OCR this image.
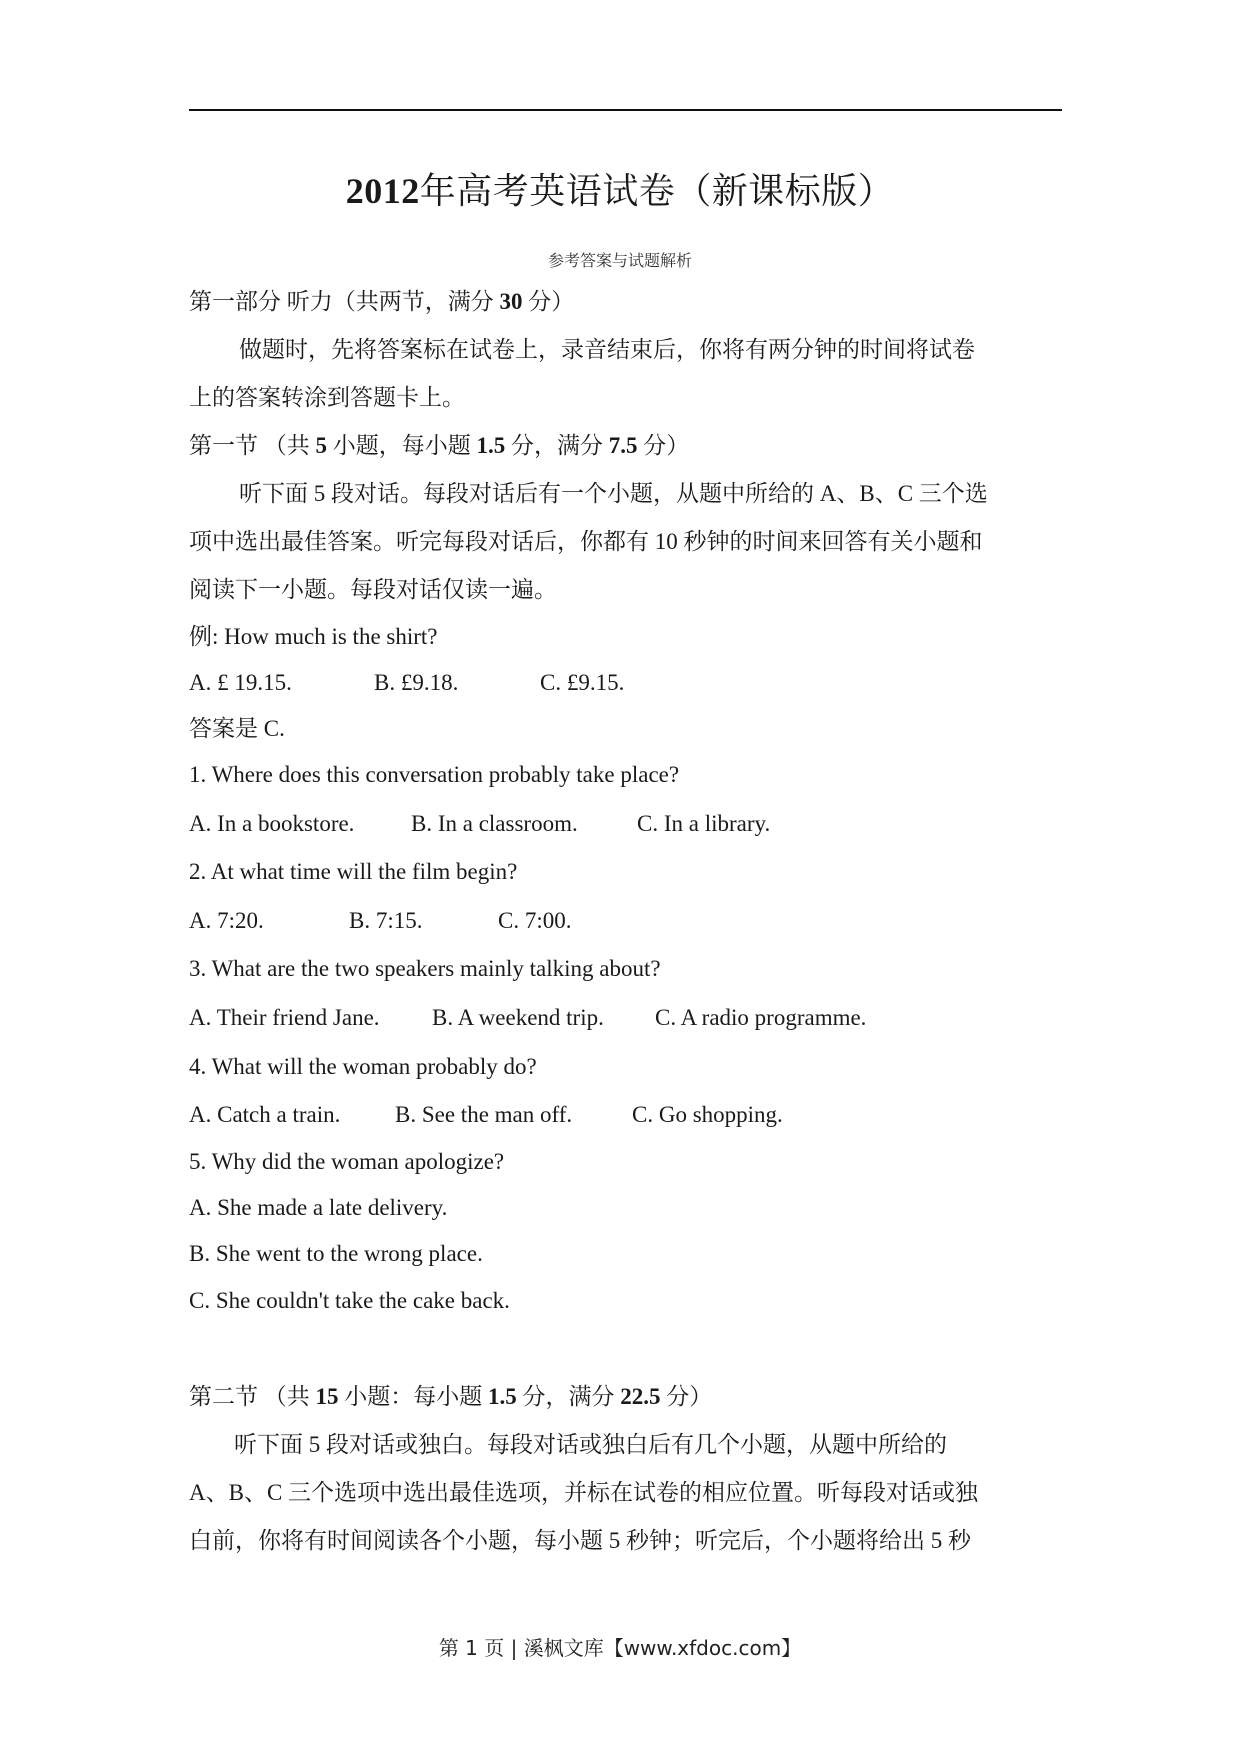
2012年高考英语试卷（新课标版）
参考答案与试题解析
第一部分 听力（共两节，满分 30 分）
做题时，先将答案标在试卷上，录音结束后，你将有两分钟的时间将试卷
上的答案转涂到答题卡上。
第一节 （共 5 小题，每小题 1.5 分，满分 7.5 分）
听下面 5 段对话。每段对话后有一个小题，从题中所给的 A、B、C 三个选
项中选出最佳答案。听完每段对话后，你都有 10 秒钟的时间来回答有关小题和
阅读下一小题。每段对话仅读一遍。
例: How much is the shirt?
A. £ 19.15.	B. £9.18.	C. £9.15.
答案是 C.
1. Where does this conversation probably take place?
A. In a bookstore. B. In a classroom.	C. In a library.
2. At what time will the film begin?
A. 7:20.	B. 7:15.	C. 7:00.
3. What are the two speakers mainly talking about?
A. Their friend Jane. B. A weekend trip. C. A radio programme.
4. What will the woman probably do?
A. Catch a train. B. See the man off.	C. Go shopping.
5. Why did the woman apologize?
A. She made a late delivery.
B. She went to the wrong place.
C. She couldn't take the cake back.
第二节 （共 15 小题：每小题 1.5 分，满分 22.5 分）
听下面 5 段对话或独白。每段对话或独白后有几个小题，从题中所给的
A、B、C 三个选项中选出最佳选项，并标在试卷的相应位置。听每段对话或独
白前，你将有时间阅读各个小题，每小题 5 秒钟；听完后，个小题将给出 5 秒
第 1 页 | 溪枫文库【www.xfdoc.com】
